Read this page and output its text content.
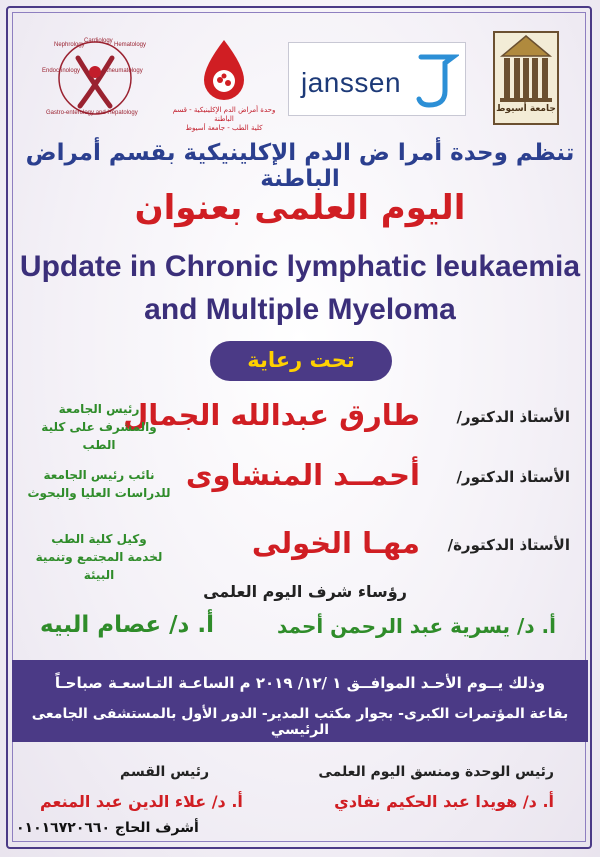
جامعة أسيوط
janssen
وحدة أمراض الدم الإكلينيكية - قسم الباطنة
كلية الطب - جامعة أسيوط
Nephrology
Cardiology
Hematology
Endocrinology	Rheumatology
Gastro-enterology and Hepatology
تنظم وحدة أمرا ض الدم الإكلينيكية بقسم أمراض الباطنة
اليوم العلمى بعنوان
Update in Chronic lymphatic leukaemia
and Multiple Myeloma
تحت رعاية
الأستاذ الدكتور/
طارق عبدالله الجمال
رئيس الجامعة
والمشرف على كلية الطب
الأستاذ الدكتور/
أحمــد المنشاوى
نائب رئيس الجامعة
للدراسات العليا والبحوث
الأستاذ الدكتورة/
مهـا الخولى
وكيل كلية الطب
لخدمة المجتمع وتنمية البيئة
رؤساء شرف اليوم العلمى
أ. د/ يسرية عبد الرحمن أحمد
أ. د/ عصام البيه
وذلك يــوم الأحـد الموافــق ١ /١٢/ ٢٠١٩ م الساعـة التـاسعـة صباحـاً
بقاعة المؤتمرات الكبرى- بجوار مكتب المدير- الدور الأول بالمستشفى الجامعى الرئيسي
رئيس الوحدة ومنسق اليوم العلمى
أ. د/ هويدا عبد الحكيم نفادي
رئيس القسم
أ. د/ علاء الدين عبد المنعم
أشرف الحاج ٠١٠١٦٧٢٠٦٦٠
